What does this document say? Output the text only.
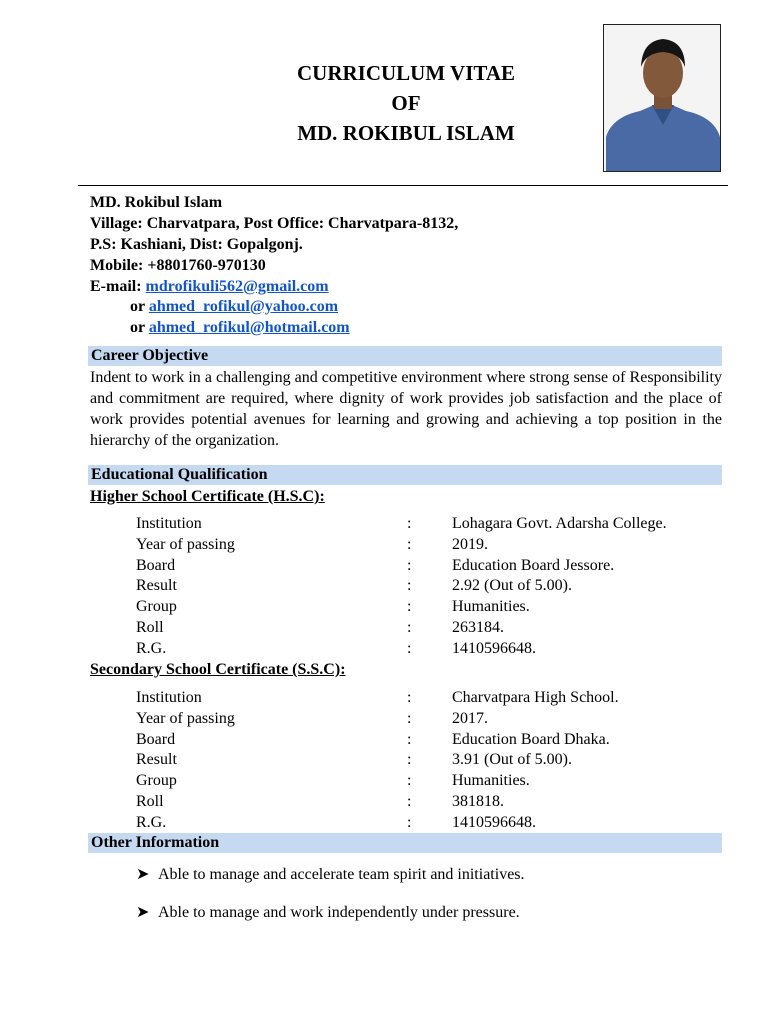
CURRICULUM VITAE
OF
MD. ROKIBUL ISLAM
MD. Rokibul Islam
Village: Charvatpara, Post Office: Charvatpara-8132,
P.S: Kashiani, Dist: Gopalgonj.
Mobile: +8801760-970130
E-mail: mdrofikuli562@gmail.com
or ahmed_rofikul@yahoo.com
or ahmed_rofikul@hotmail.com
Career Objective
Indent to work in a challenging and competitive environment where strong sense of Responsibility and commitment are required, where dignity of work provides job satisfaction and the place of work provides potential avenues for learning and growing and achieving a top position in the hierarchy of the organization.
Educational Qualification
Higher School Certificate (H.S.C):
Institution	:	Lohagara Govt. Adarsha College.
Year of passing	:	2019.
Board	:	Education Board Jessore.
Result	:	2.92 (Out of 5.00).
Group	:	Humanities.
Roll	:	263184.
R.G.	:	1410596648.
Secondary School Certificate (S.S.C):
Institution	:	Charvatpara High School.
Year of passing	:	2017.
Board	:	Education Board Dhaka.
Result	:	3.91 (Out of 5.00).
Group	:	Humanities.
Roll	:	381818.
R.G.	:	1410596648.
Other Information
➤ Able to manage and accelerate team spirit and initiatives.
➤ Able to manage and work independently under pressure.
